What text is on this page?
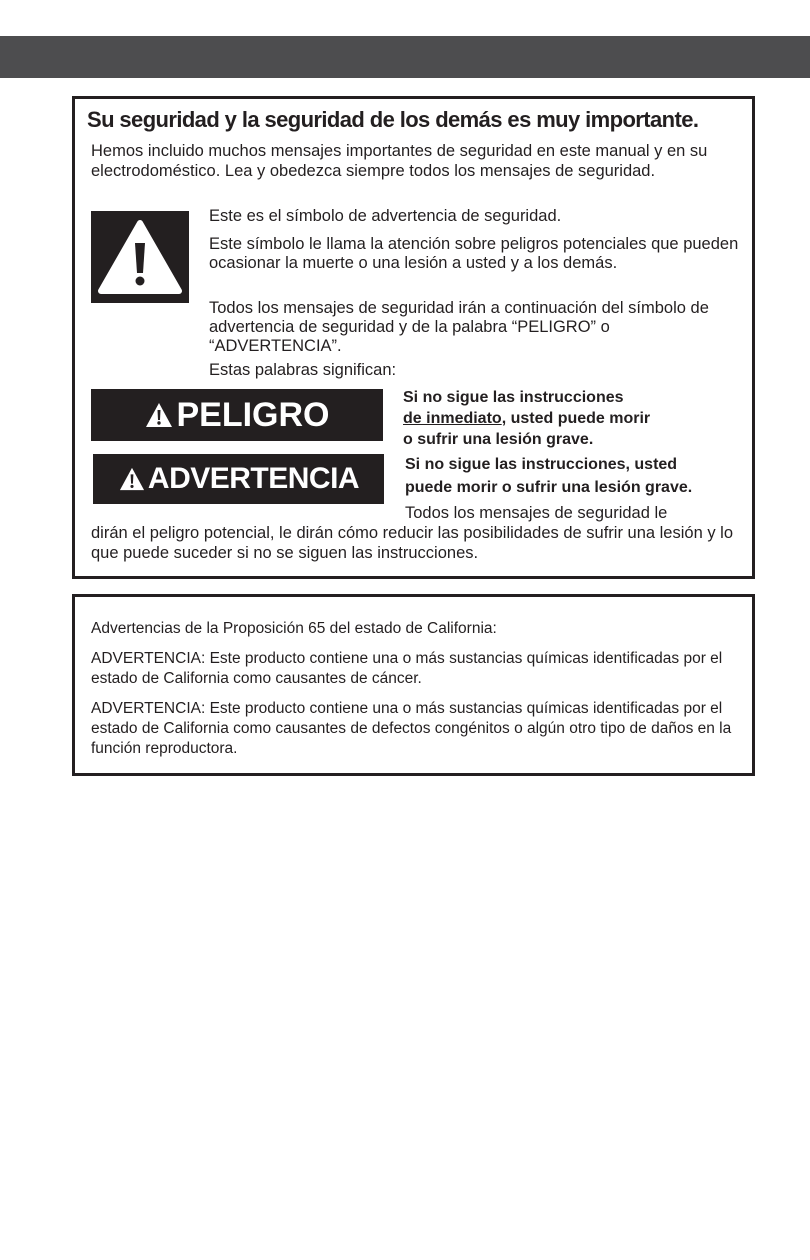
Su seguridad y la seguridad de los demás es muy importante.
Hemos incluido muchos mensajes importantes de seguridad en este manual y en su electrodoméstico. Lea y obedezca siempre todos los mensajes de seguridad.
Este es el símbolo de advertencia de seguridad.
Este símbolo le llama la atención sobre peligros potenciales que pueden ocasionar la muerte o una lesión a usted y a los demás.
Todos los mensajes de seguridad irán a continuación del símbolo de advertencia de seguridad y de la palabra “PELIGRO” o “ADVERTENCIA”.
Estas palabras significan:
PELIGRO	Si no sigue las instrucciones
de inmediato, usted puede morir
o sufrir una lesión grave.
ADVERTENCIA	Si no sigue las instrucciones, usted
puede morir o sufrir una lesión grave.
Todos los mensajes de seguridad le
dirán el peligro potencial, le dirán cómo reducir las posibilidades de sufrir una lesión y lo que puede suceder si no se siguen las instrucciones.
Advertencias de la Proposición 65 del estado de California:
ADVERTENCIA: Este producto contiene una o más sustancias químicas identificadas por el estado de California como causantes de cáncer.
ADVERTENCIA: Este producto contiene una o más sustancias químicas identificadas por el estado de California como causantes de defectos congénitos o algún otro tipo de daños en la función reproductora.
